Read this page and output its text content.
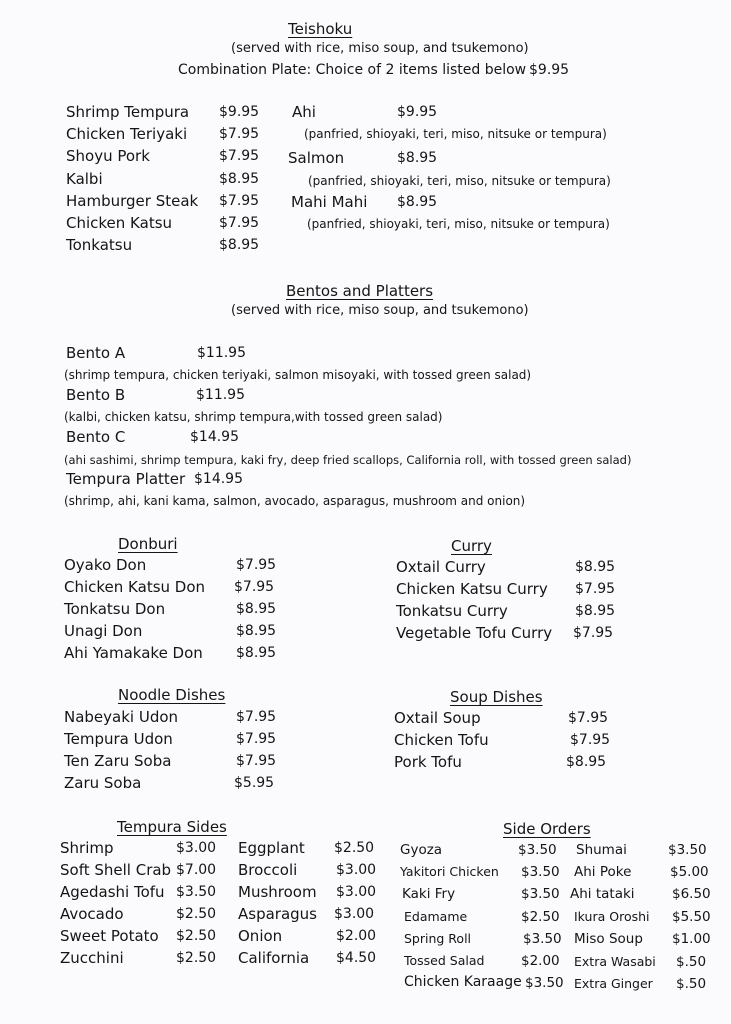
Teishoku
(served with rice, miso soup, and tsukemono)
Combination Plate: Choice of 2 items listed below $9.95
Shrimp Tempura $9.95
Chicken Teriyaki $7.95
Shoyu Pork	$7.95
Kalbi	$8.95
Hamburger Steak $7.95
Chicken Katsu	$7.95
Tonkatsu	$8.95
Ahi	$9.95
(panfried, shioyaki, teri, miso, nitsuke or tempura)
Salmon	$8.95
(panfried, shioyaki, teri, miso, nitsuke or tempura)
Mahi Mahi $8.95
(panfried, shioyaki, teri, miso, nitsuke or tempura)
Bentos and Platters
(served with rice, miso soup, and tsukemono)
Bento A	$11.95
(shrimp tempura, chicken teriyaki, salmon misoyaki, with tossed green salad)
Bento B	$11.95
(kalbi, chicken katsu, shrimp tempura,with tossed green salad)
Bento C	$14.95
(ahi sashimi, shrimp tempura, kaki fry, deep fried scallops, California roll, with tossed green salad)
Tempura Platter $14.95
(shrimp, ahi, kani kama, salmon, avocado, asparagus, mushroom and onion)
Donburi
Oyako Don	$7.95
Chicken Katsu Don $7.95
Tonkatsu Don	$8.95
Unagi Don	$8.95
Ahi Yamakake Don $8.95
Curry
Oxtail Curry	$8.95
Chicken Katsu Curry $7.95
Tonkatsu Curry	$8.95
Vegetable Tofu Curry $7.95
Noodle Dishes
Nabeyaki Udon	$7.95
Tempura Udon	$7.95
Ten Zaru Soba	$7.95
Zaru Soba	$5.95
Soup Dishes
Oxtail Soup	$7.95
Chicken Tofu	$7.95
Pork Tofu	$8.95
Tempura Sides
Shrimp	$3.00
Soft Shell Crab $7.00
Agedashi Tofu $3.50
Avocado	$2.50
Sweet Potato $2.50
Zucchini	$2.50
Eggplant $2.50
Broccoli	$3.00
Mushroom $3.00
Asparagus $3.00
Onion	$2.00
California $4.50
Side Orders
Gyoza	$3.50
Yakitori Chicken $3.50
Kaki Fry	$3.50
Edamame	$2.50
Spring Roll	$3.50
Tossed Salad	$2.00
Chicken Karaage $3.50
Shumai	$3.50
Ahi Poke	$5.00
Ahi tataki	$6.50
Ikura Oroshi $5.50
Miso Soup $1.00
Extra Wasabi $.50
Extra Ginger $.50
